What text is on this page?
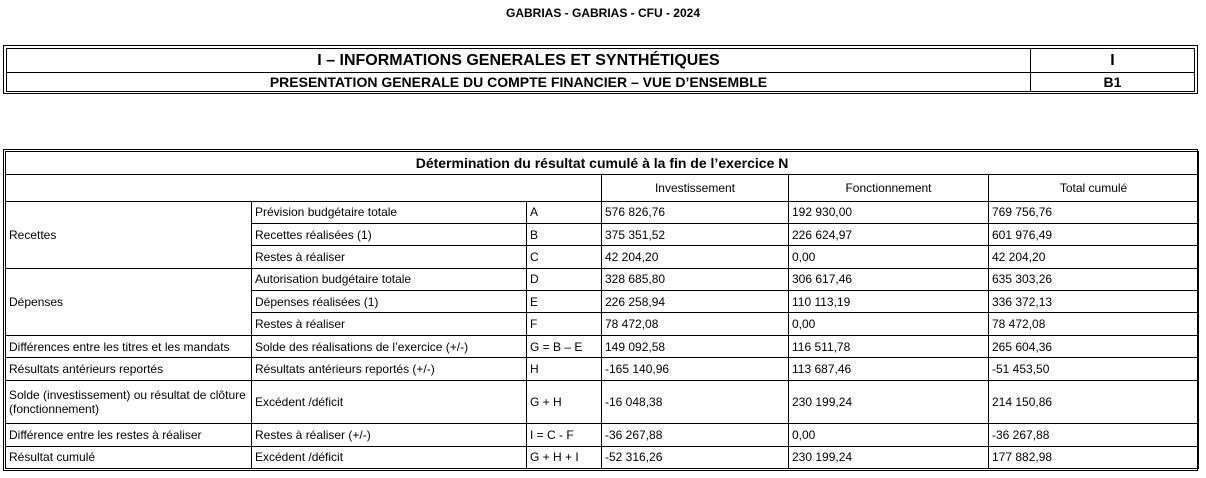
GABRIAS - GABRIAS - CFU - 2024
I – INFORMATIONS GENERALES ET SYNTHÉTIQUES	I
PRESENTATION GENERALE DU COMPTE FINANCIER – VUE D’ENSEMBLE	B1
Détermination du résultat cumulé à la fin de l’exercice N					
			Investissement	Fonctionnement	Total cumulé
Recettes	Prévision budgétaire totale	A	576 826,76	192 930,00	769 756,76
	Recettes réalisées (1)	B	375 351,52	226 624,97	601 976,49
	Restes à réaliser	C	42 204,20	0,00	42 204,20
Dépenses	Autorisation budgétaire totale	D	328 685,80	306 617,46	635 303,26
	Dépenses réalisées (1)	E	226 258,94	110 113,19	336 372,13
	Restes à réaliser	F	78 472,08	0,00	78 472,08
Différences entre les titres et les mandats	Solde des réalisations de l’exercice (+/-)	G = B – E	149 092,58	116 511,78	265 604,36
Résultats antérieurs reportés	Résultats antérieurs reportés (+/-)	H	-165 140,96	113 687,46	-51 453,50
Solde (investissement) ou résultat de clôture (fonctionnement)	Excédent /déficit	G + H	-16 048,38	230 199,24	214 150,86
Différence entre les restes à réaliser	Restes à réaliser (+/-)	I = C - F	-36 267,88	0,00	-36 267,88
Résultat cumulé	Excédent /déficit	G + H + I	-52 316,26	230 199,24	177 882,98
